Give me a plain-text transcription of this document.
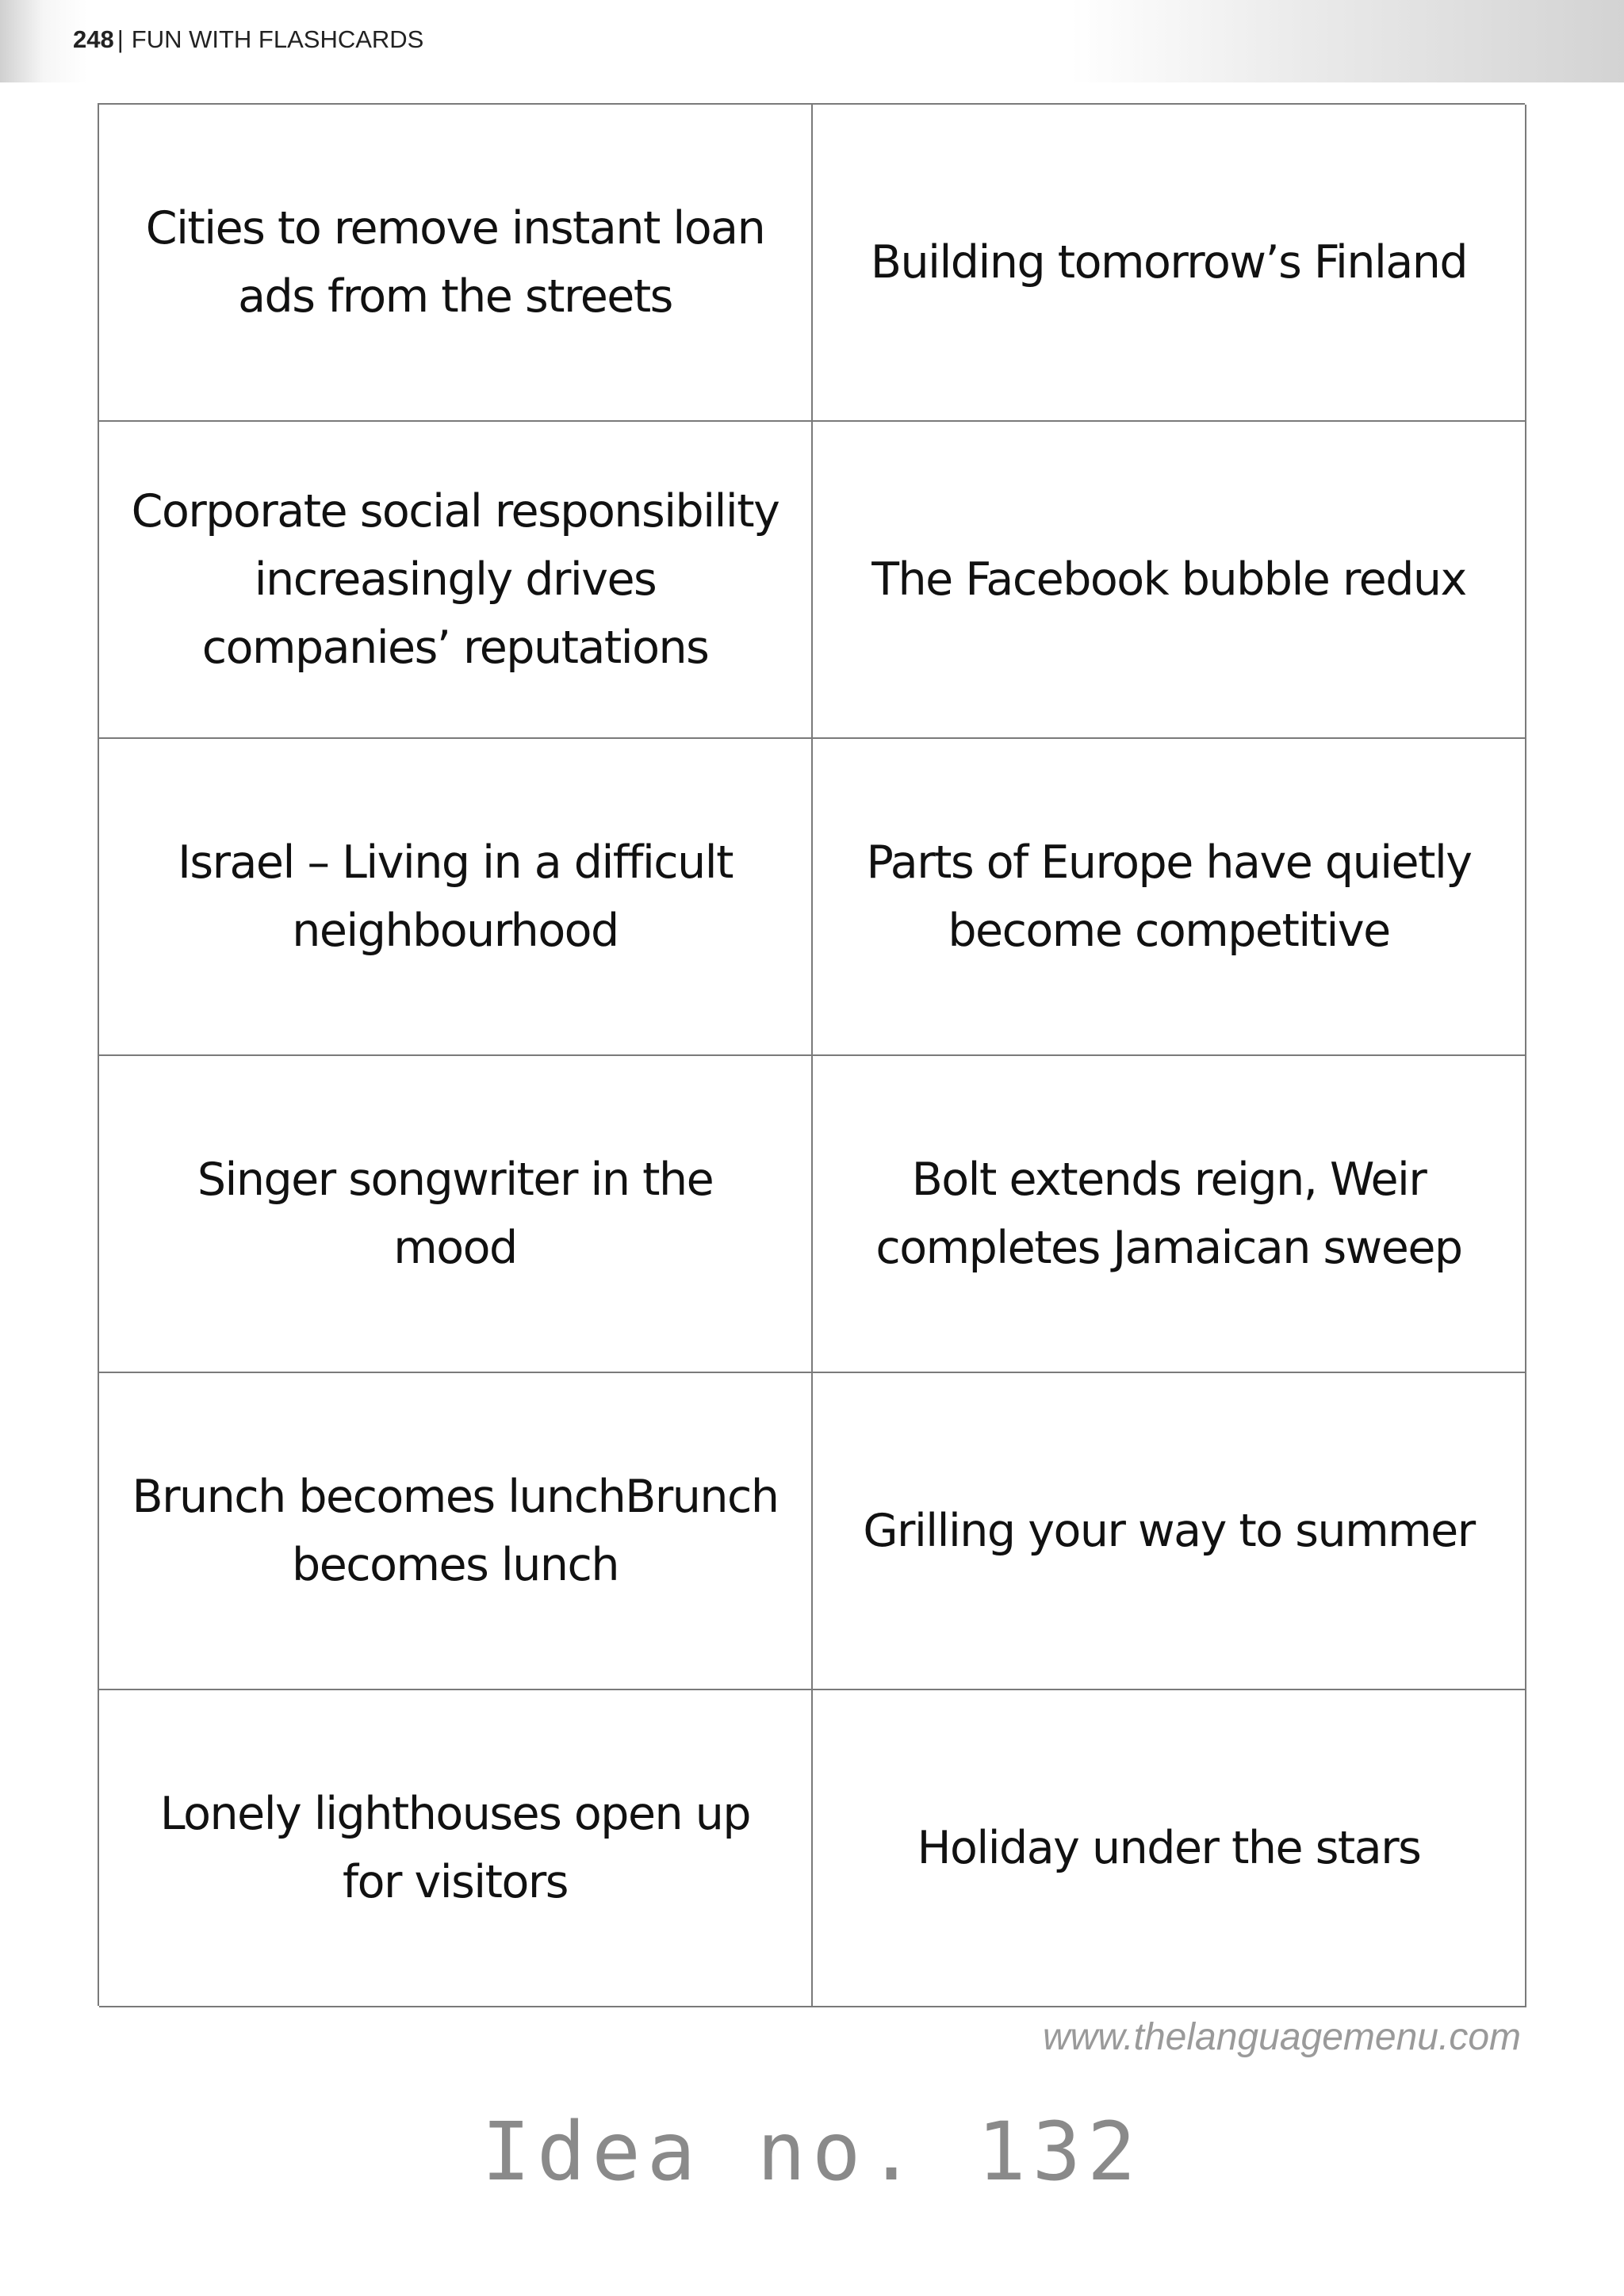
248 | FUN WITH FLASHCARDS
Cities to remove instant loan ads from the streets
Building tomorrow’s Finland
Corporate social responsibility increasingly drives companies’ reputations
The Facebook bubble redux
Israel – Living in a difficult neighbourhood
Parts of Europe have quietly become competitive
Singer songwriter in the mood
Bolt extends reign, Weir completes Jamaican sweep
Brunch becomes lunchBrunch becomes lunch
Grilling your way to summer
Lonely lighthouses open up for visitors
Holiday under the stars
www.thelanguagemenu.com
Idea no. 132
